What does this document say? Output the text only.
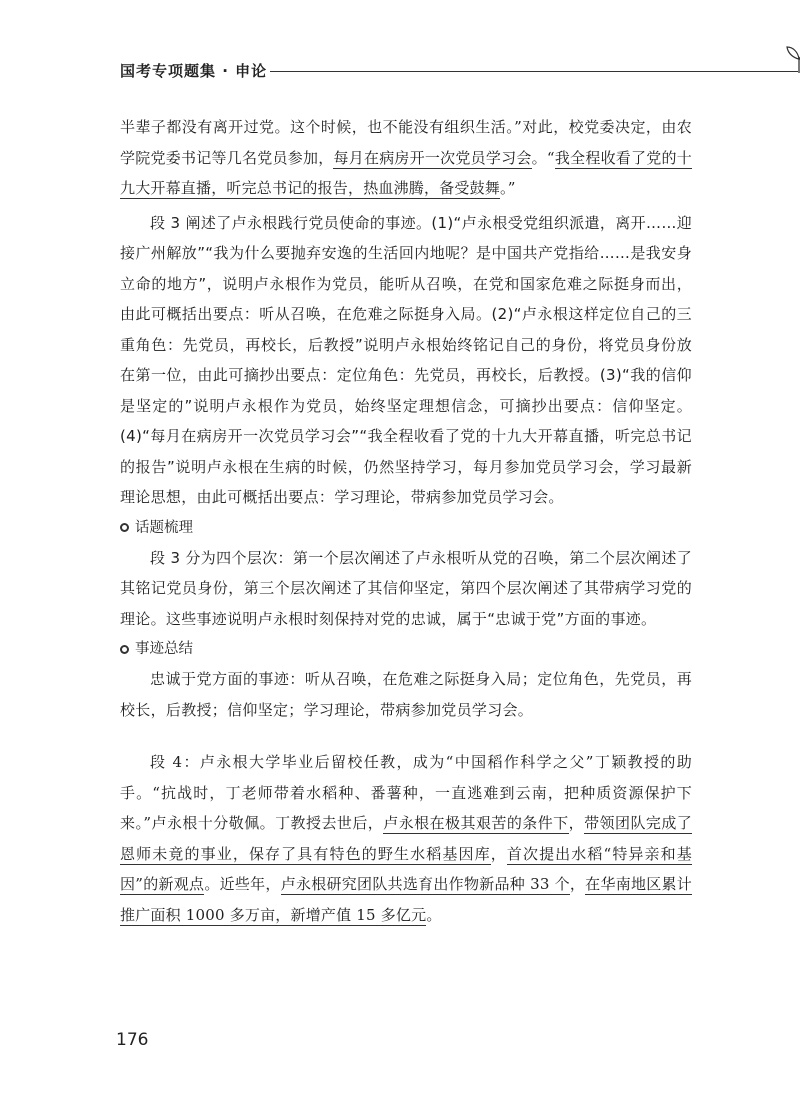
国考专项题集 · 申论

半辈子都没有离开过党。这个时候，也不能没有组织生活。”对此，校党委决定，由农学院党委书记等几名党员参加，每月在病房开一次党员学习会。“我全程收看了党的十九大开幕直播，听完总书记的报告，热血沸腾，备受鼓舞。”

段 3 阐述了卢永根践行党员使命的事迹。(1)“卢永根受党组织派遣，离开……迎接广州解放”“我为什么要抛弃安逸的生活回内地呢？是中国共产党指给……是我安身立命的地方”，说明卢永根作为党员，能听从召唤，在党和国家危难之际挺身而出，由此可概括出要点：听从召唤，在危难之际挺身入局。(2)“卢永根这样定位自己的三重角色：先党员，再校长，后教授”说明卢永根始终铭记自己的身份，将党员身份放在第一位，由此可摘抄出要点：定位角色：先党员，再校长，后教授。(3)“我的信仰是坚定的”说明卢永根作为党员，始终坚定理想信念，可摘抄出要点：信仰坚定。(4)“每月在病房开一次党员学习会”“我全程收看了党的十九大开幕直播，听完总书记的报告”说明卢永根在生病的时候，仍然坚持学习，每月参加党员学习会，学习最新理论思想，由此可概括出要点：学习理论，带病参加党员学习会。

话题梳理

段 3 分为四个层次：第一个层次阐述了卢永根听从党的召唤，第二个层次阐述了其铭记党员身份，第三个层次阐述了其信仰坚定，第四个层次阐述了其带病学习党的理论。这些事迹说明卢永根时刻保持对党的忠诚，属于“忠诚于党”方面的事迹。

事迹总结

忠诚于党方面的事迹：听从召唤，在危难之际挺身入局；定位角色，先党员，再校长，后教授；信仰坚定；学习理论，带病参加党员学习会。

段 4：卢永根大学毕业后留校任教，成为“中国稻作科学之父”丁颖教授的助手。“抗战时，丁老师带着水稻种、番薯种，一直逃难到云南，把种质资源保护下来。”卢永根十分敬佩。丁教授去世后，卢永根在极其艰苦的条件下，带领团队完成了恩师未竟的事业，保存了具有特色的野生水稻基因库，首次提出水稻“特异亲和基因”的新观点。近些年，卢永根研究团队共选育出作物新品种 33 个，在华南地区累计推广面积 1000 多万亩，新增产值 15 多亿元。

176
